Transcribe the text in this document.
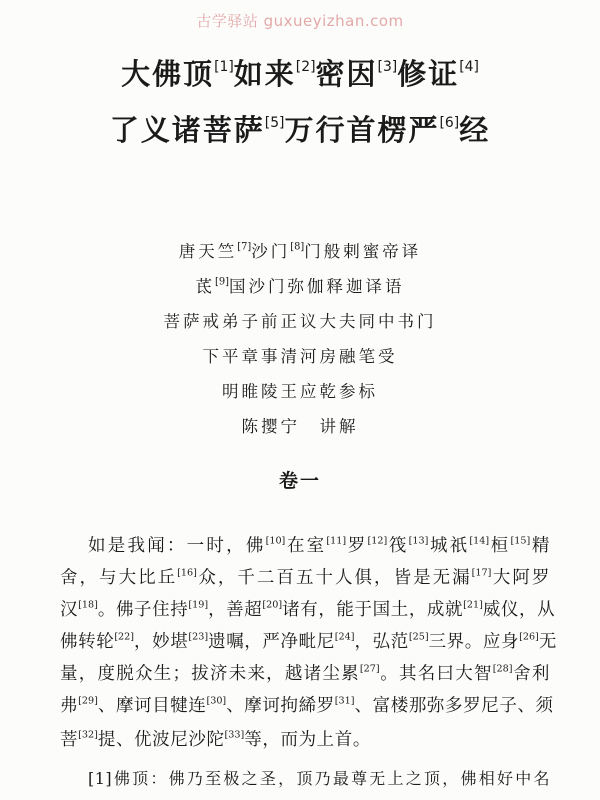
古学驿站 guxueyizhan.com
大佛顶[1]如来[2]密因[3]修证[4]
了义诸菩萨[5]万行首楞严[6]经
唐天竺[7]沙门[8]门般剌蜜帝译
茋[9]国沙门弥伽释迦译语
菩萨戒弟子前正议大夫同中书门
下平章事清河房融笔受
明睢陵王应乾参标
陈撄宁　讲解
卷一
如是我闻：一时，佛[10]在室[11]罗[12]筏[13]城祇[14]桓[15]精
舍，与大比丘[16]众，千二百五十人俱，皆是无漏[17]大阿罗
汉[18]。佛子住持[19]，善超[20]诸有，能于国土，成就[21]威仪，从
佛转轮[22]，妙堪[23]遗嘱，严净毗尼[24]，弘范[25]三界。应身[26]无
量，度脱众生；拔济未来，越诸尘累[27]。其名曰大智[28]舍利
弗[29]、摩诃目犍连[30]、摩诃拘絺罗[31]、富楼那弥多罗尼子、须
菩[32]提、优波尼沙陀[33]等，而为上首。
[1]佛顶：佛乃至极之圣，顶乃最尊无上之顶，佛相好中名
